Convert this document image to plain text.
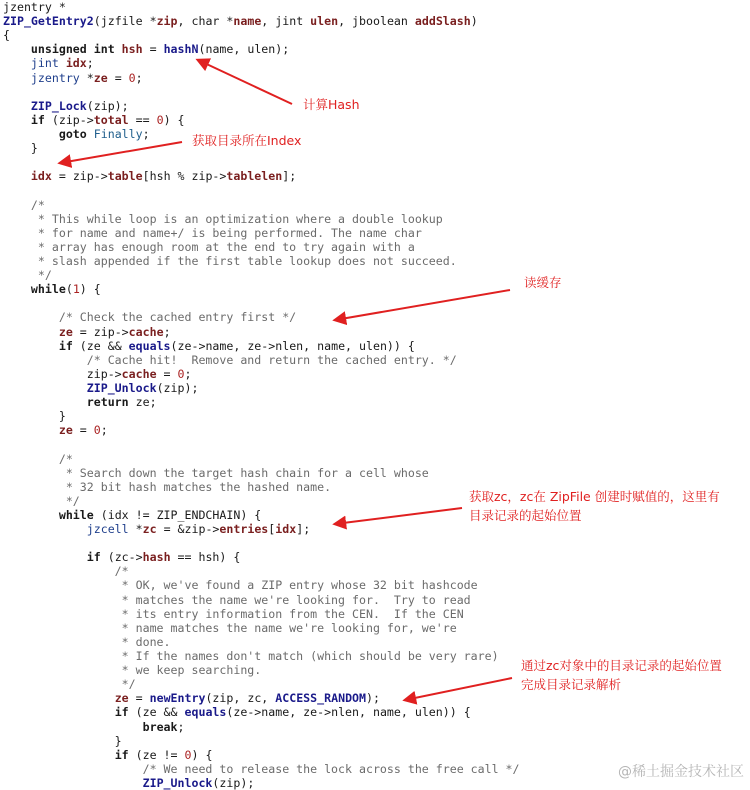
jzentry *
ZIP_GetEntry2(jzfile *zip, char *name, jint ulen, jboolean addSlash)
{
unsigned int hsh = hashN(name, ulen);
jint idx;
jzentry *ze = 0;
ZIP_Lock(zip);
if (zip->total == 0) {
goto Finally;
}
idx = zip->table[hsh % zip->tablelen];
/*
* This while loop is an optimization where a double lookup
* for name and name+/ is being performed. The name char
* array has enough room at the end to try again with a
* slash appended if the first table lookup does not succeed.
*/
while(1) {
/* Check the cached entry first */
ze = zip->cache;
if (ze && equals(ze->name, ze->nlen, name, ulen)) {
/* Cache hit!  Remove and return the cached entry. */
zip->cache = 0;
ZIP_Unlock(zip);
return ze;
}
ze = 0;
/*
* Search down the target hash chain for a cell whose
* 32 bit hash matches the hashed name.
*/
while (idx != ZIP_ENDCHAIN) {
jzcell *zc = &zip->entries[idx];
if (zc->hash == hsh) {
/*
* OK, we've found a ZIP entry whose 32 bit hashcode
* matches the name we're looking for.  Try to read
* its entry information from the CEN.  If the CEN
* name matches the name we're looking for, we're
* done.
* If the names don't match (which should be very rare)
* we keep searching.
*/
ze = newEntry(zip, zc, ACCESS_RANDOM);
if (ze && equals(ze->name, ze->nlen, name, ulen)) {
break;
}
if (ze != 0) {
/* We need to release the lock across the free call */
ZIP_Unlock(zip);
计算Hash
获取目录所在Index
读缓存
获取zc，zc在 ZipFile 创建时赋值的，这里有
目录记录的起始位置
通过zc对象中的目录记录的起始位置
完成目录记录解析
@稀土掘金技术社区
